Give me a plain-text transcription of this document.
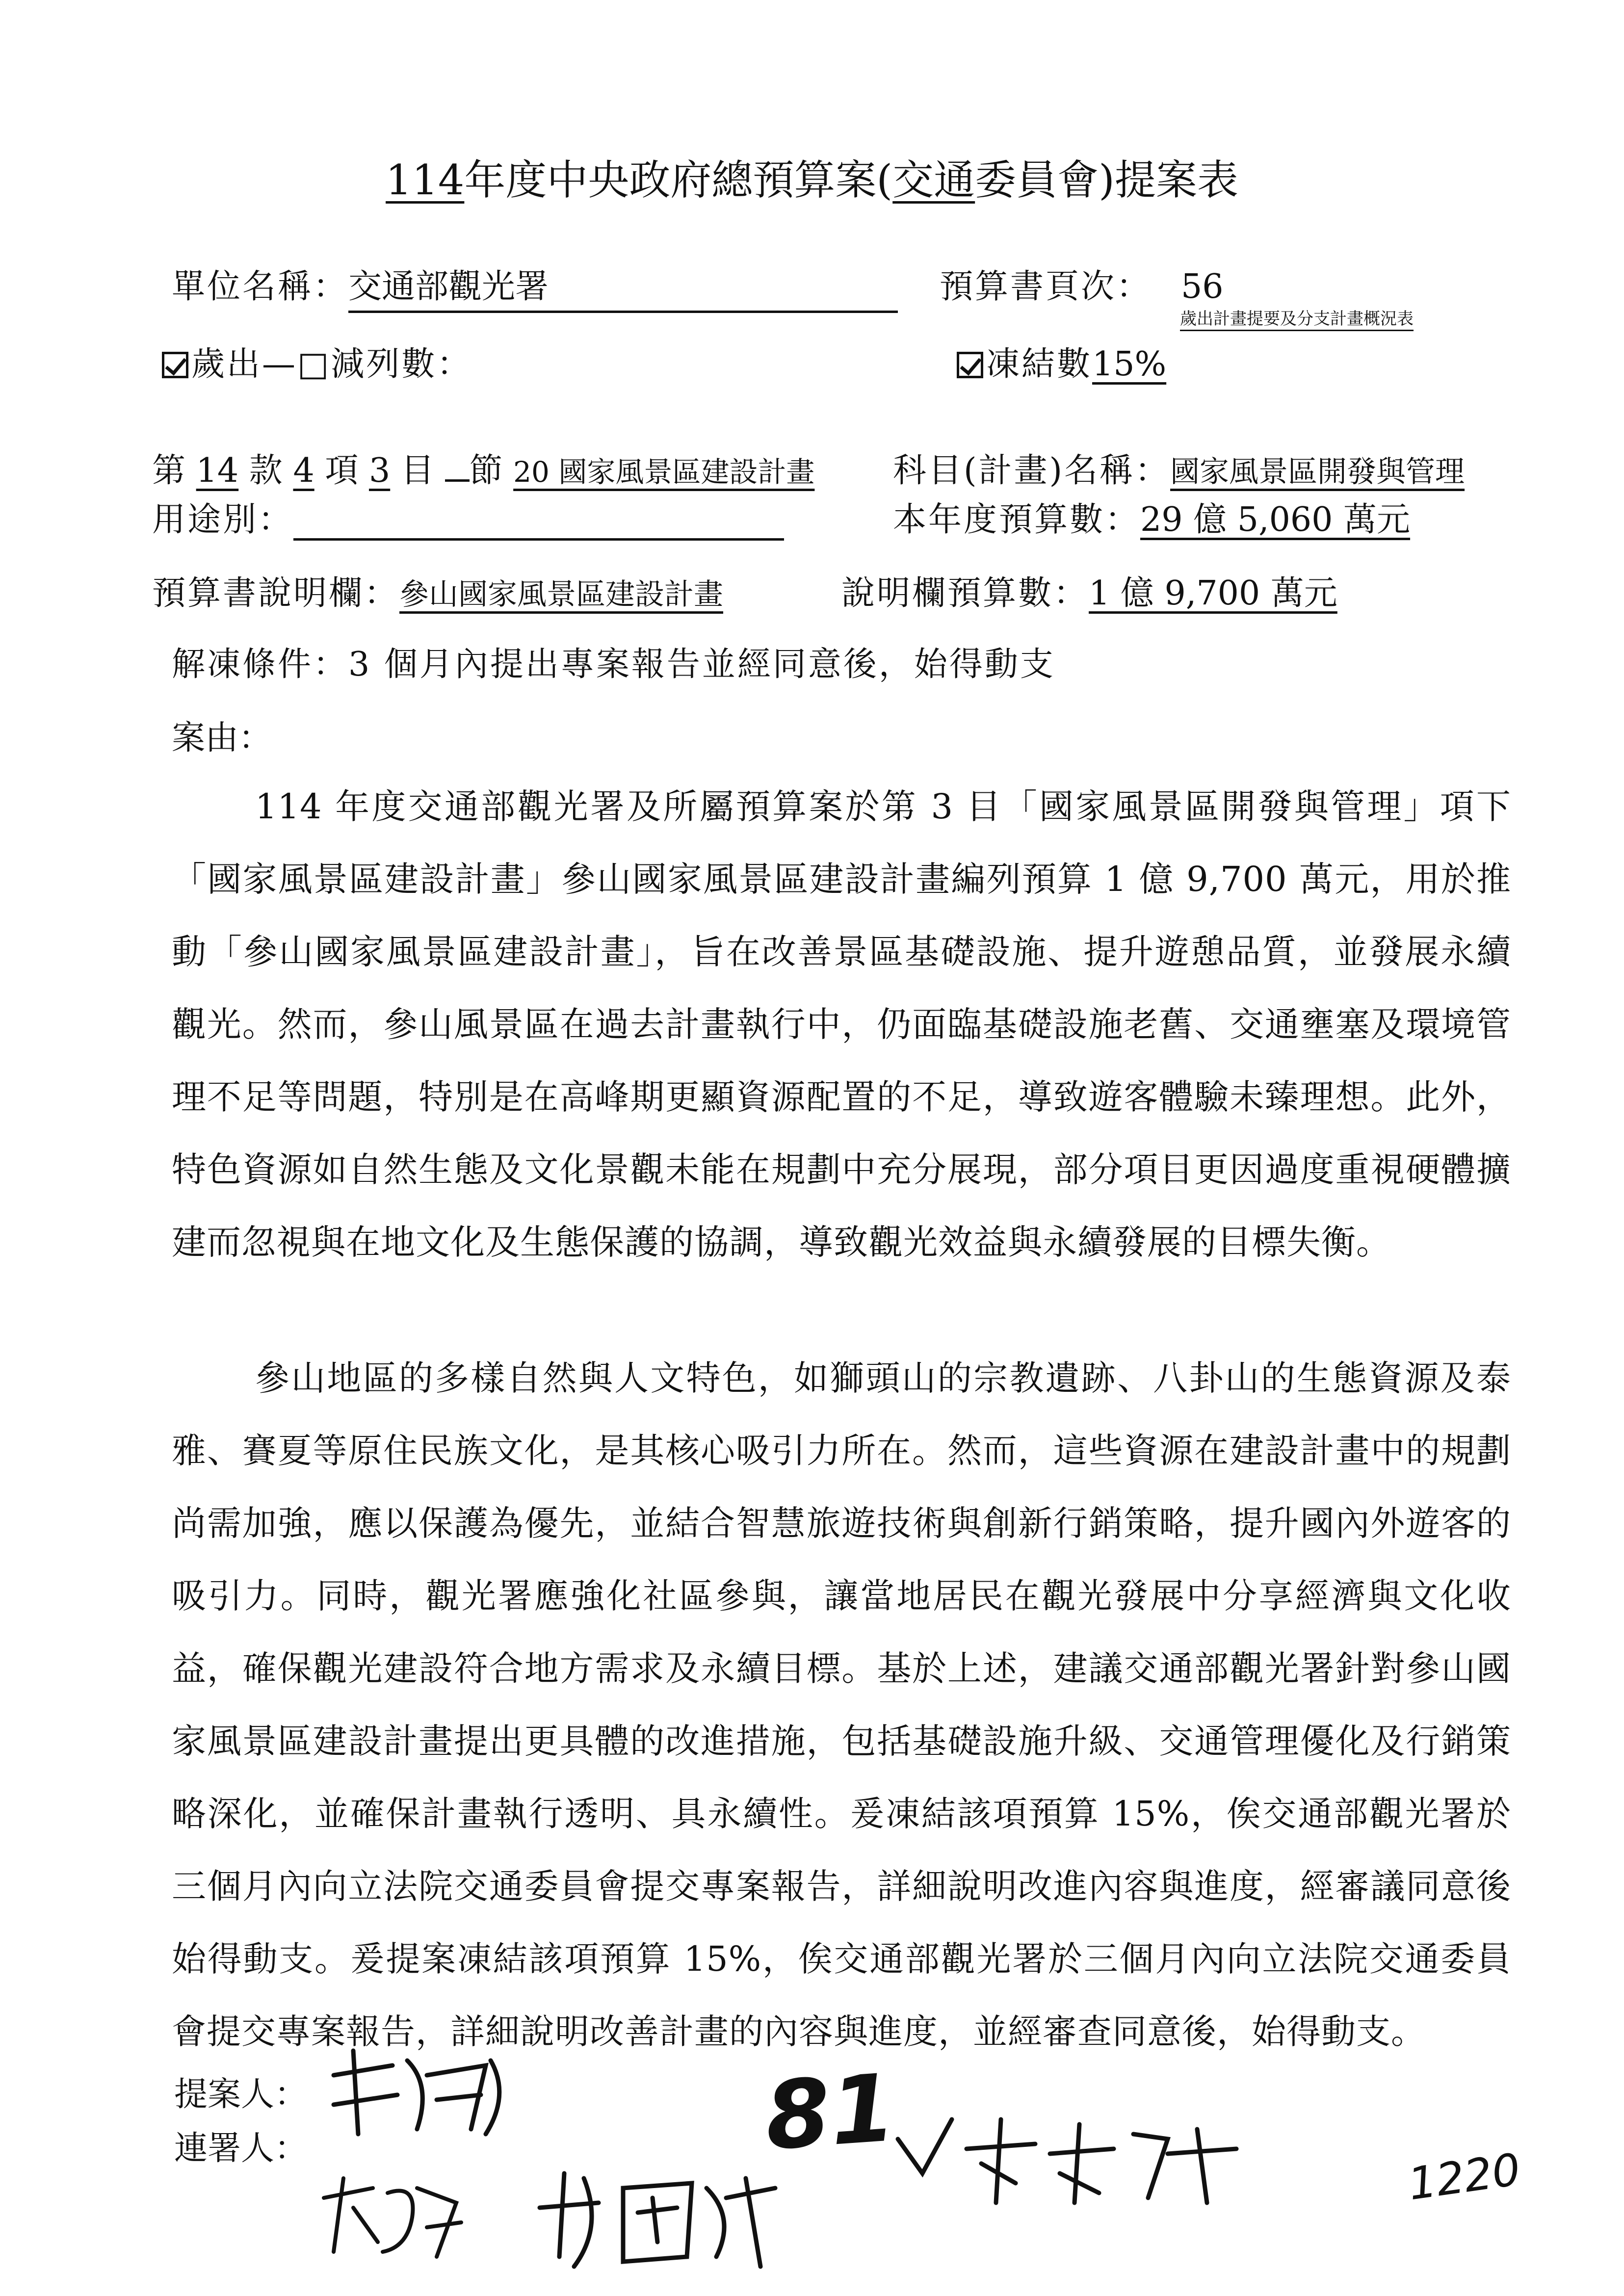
114年度中央政府總預算案(交通委員會)提案表
單位名稱：交通部觀光署	預算書頁次： 56
歲出計畫提要及分支計畫概況表
歲出—□減列數：	凍結數15%
第 14 款 4 項 3 目 節 20 國家風景區建設計畫 科目(計畫)名稱：國家風景區開發與管理
用途別：	本年度預算數：29 億 5,060 萬元
預算書說明欄：參山國家風景區建設計畫	說明欄預算數：1 億 9,700 萬元
解凍條件：3 個月內提出專案報告並經同意後，始得動支
案由：
114 年度交通部觀光署及所屬預算案於第 3 目「國家風景區開發與管理」項下「國家風景區建設計畫」參山國家風景區建設計畫編列預算 1 億 9,700 萬元，用於推動「參山國家風景區建設計畫」，旨在改善景區基礎設施、提升遊憩品質，並發展永續觀光。然而，參山風景區在過去計畫執行中，仍面臨基礎設施老舊、交通壅塞及環境管理不足等問題，特別是在高峰期更顯資源配置的不足，導致遊客體驗未臻理想。此外，特色資源如自然生態及文化景觀未能在規劃中充分展現，部分項目更因過度重視硬體擴建而忽視與在地文化及生態保護的協調，導致觀光效益與永續發展的目標失衡。
參山地區的多樣自然與人文特色，如獅頭山的宗教遺跡、八卦山的生態資源及泰雅、賽夏等原住民族文化，是其核心吸引力所在。然而，這些資源在建設計畫中的規劃尚需加強，應以保護為優先，並結合智慧旅遊技術與創新行銷策略，提升國內外遊客的吸引力。同時，觀光署應強化社區參與，讓當地居民在觀光發展中分享經濟與文化收益，確保觀光建設符合地方需求及永續目標。基於上述，建議交通部觀光署針對參山國家風景區建設計畫提出更具體的改進措施，包括基礎設施升級、交通管理優化及行銷策略深化，並確保計畫執行透明、具永續性。爰凍結該項預算 15%，俟交通部觀光署於三個月內向立法院交通委員會提交專案報告，詳細說明改進內容與進度，經審議同意後始得動支。爰提案凍結該項預算 15%，俟交通部觀光署於三個月內向立法院交通委員會提交專案報告，詳細說明改善計畫的內容與進度，並經審查同意後，始得動支。
提案人：
連署人：	81
1220
